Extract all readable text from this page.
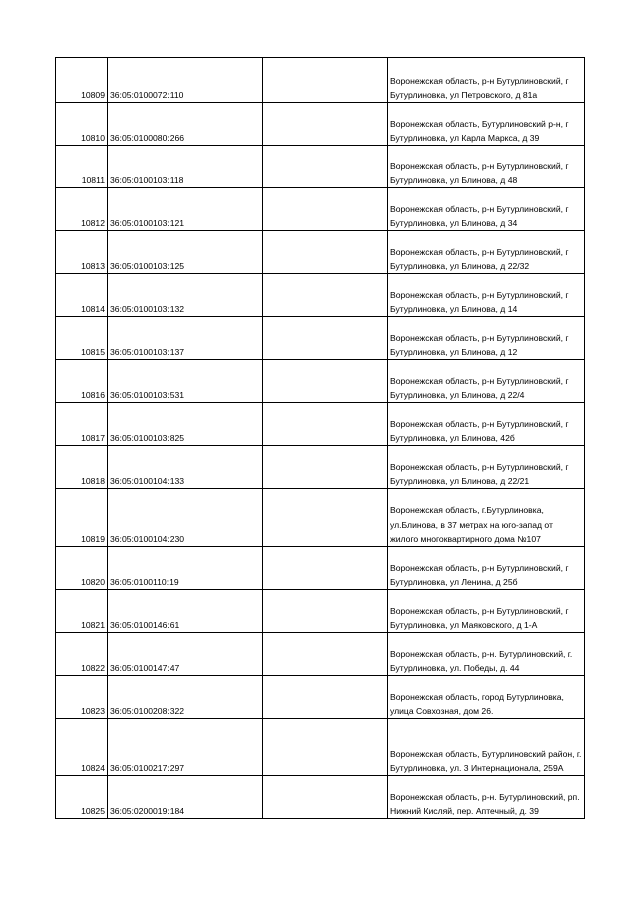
10809	36:05:0100072:110		Воронежская область, р-н Бутурлиновский, г Бутурлиновка, ул Петровского, д 81а
10810	36:05:0100080:266		Воронежская область, Бутурлиновский р-н, г Бутурлиновка, ул Карла Маркса, д 39
10811	36:05:0100103:118		Воронежская область, р-н Бутурлиновский, г Бутурлиновка, ул Блинова, д 48
10812	36:05:0100103:121		Воронежская область, р-н Бутурлиновский, г Бутурлиновка, ул Блинова, д 34
10813	36:05:0100103:125		Воронежская область, р-н Бутурлиновский, г Бутурлиновка, ул Блинова, д 22/32
10814	36:05:0100103:132		Воронежская область, р-н Бутурлиновский, г Бутурлиновка, ул Блинова, д 14
10815	36:05:0100103:137		Воронежская область, р-н Бутурлиновский, г Бутурлиновка, ул Блинова, д 12
10816	36:05:0100103:531		Воронежская область, р-н Бутурлиновский, г Бутурлиновка, ул Блинова, д 22/4
10817	36:05:0100103:825		Воронежская область, р-н Бутурлиновский, г Бутурлиновка, ул Блинова, 42б
10818	36:05:0100104:133		Воронежская область, р-н Бутурлиновский, г Бутурлиновка, ул Блинова, д 22/21
10819	36:05:0100104:230		Воронежская область, г.Бутурлиновка, ул.Блинова, в 37 метрах на юго-запад от жилого многоквартирного дома №107
10820	36:05:0100110:19		Воронежская область, р-н Бутурлиновский, г Бутурлиновка, ул Ленина, д 25б
10821	36:05:0100146:61		Воронежская область, р-н Бутурлиновский, г Бутурлиновка, ул Маяковского, д 1-А
10822	36:05:0100147:47		Воронежская область, р-н. Бутурлиновский, г. Бутурлиновка, ул. Победы, д. 44
10823	36:05:0100208:322		Воронежская область, город Бутурлиновка, улица Совхозная, дом 26.
10824	36:05:0100217:297		Воронежская область, Бутурлиновский район, г. Бутурлиновка, ул. 3 Интернационала, 259А
10825	36:05:0200019:184		Воронежская область, р-н. Бутурлиновский, рп. Нижний Кисляй, пер. Аптечный, д. 39
